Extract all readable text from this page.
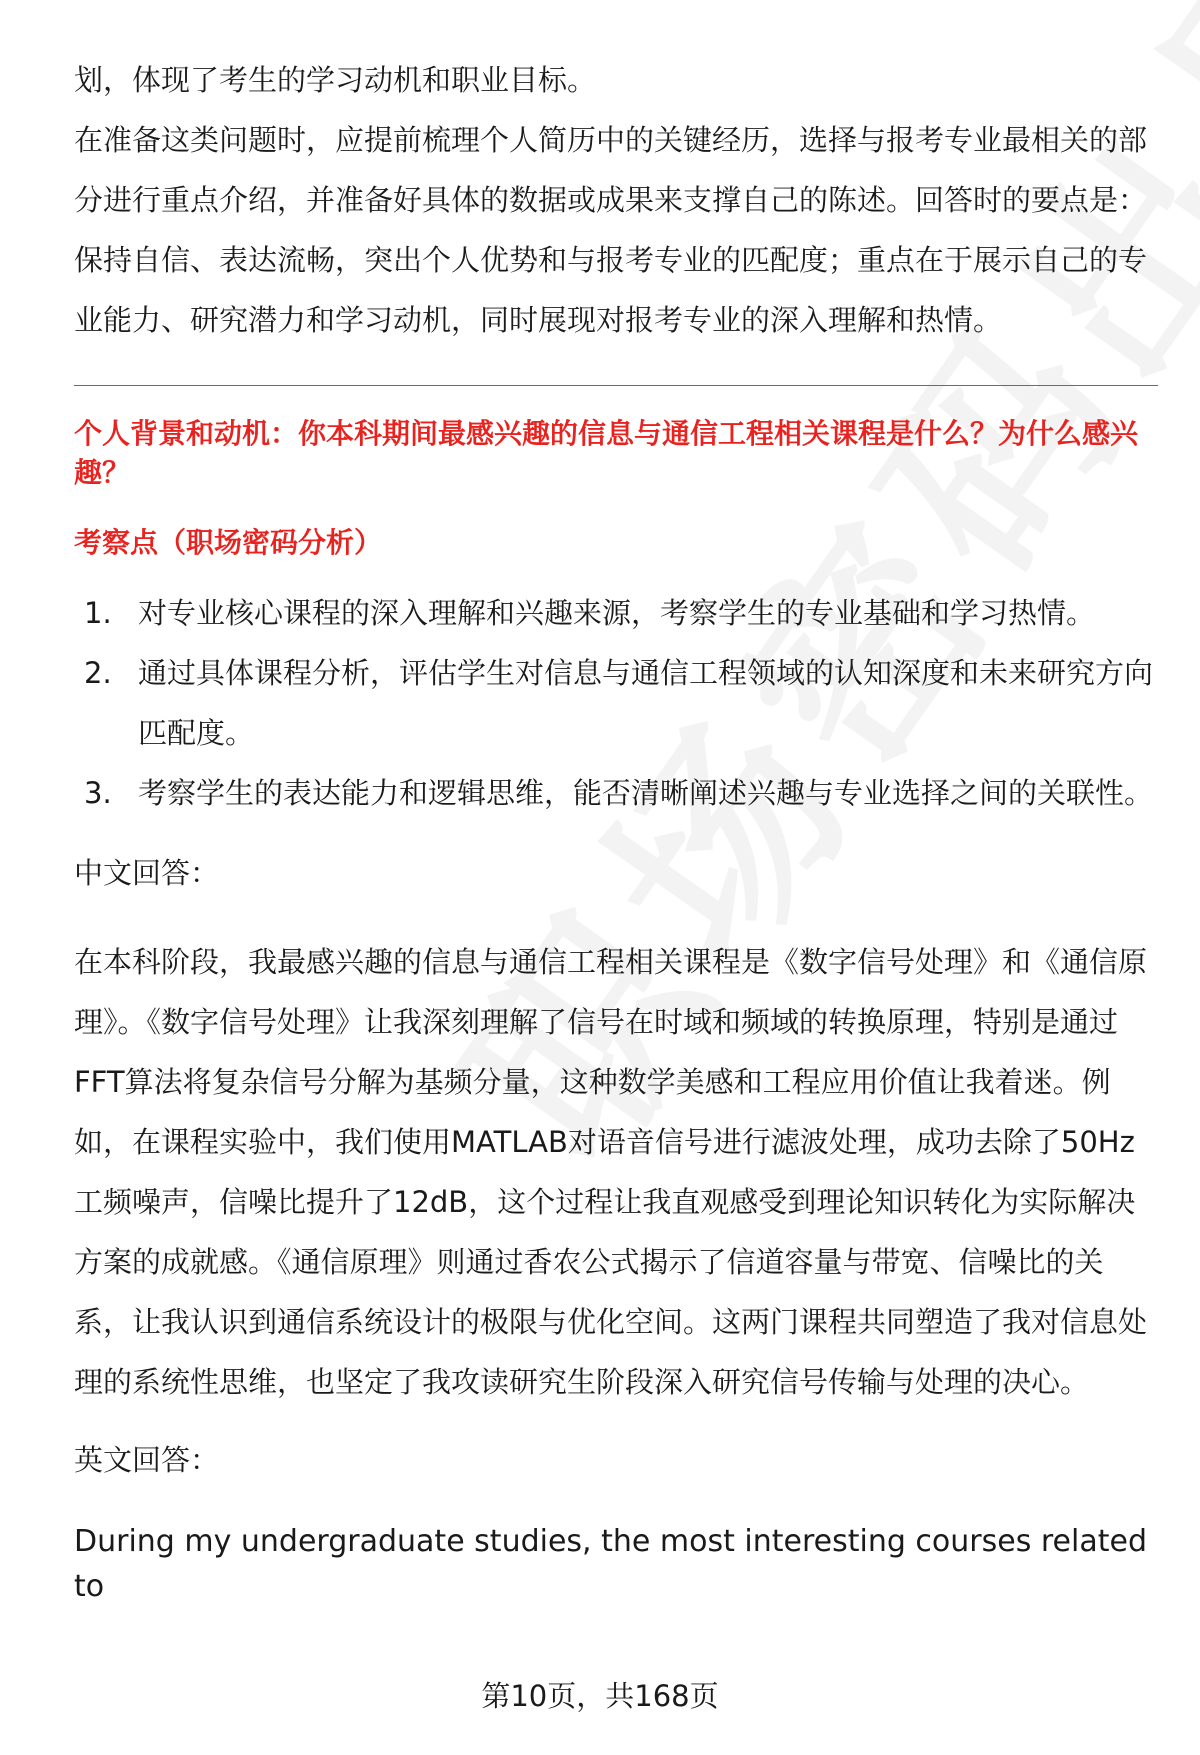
划，体现了考生的学习动机和职业目标。

在准备这类问题时，应提前梳理个人简历中的关键经历，选择与报考专业最相关的部分进行重点介绍，并准备好具体的数据或成果来支撑自己的陈述。回答时的要点是：保持自信、表达流畅，突出个人优势和与报考专业的匹配度；重点在于展示自己的专业能力、研究潜力和学习动机，同时展现对报考专业的深入理解和热情。

个人背景和动机：你本科期间最感兴趣的信息与通信工程相关课程是什么？为什么感兴趣？

考察点（职场密码分析）

1. 对专业核心课程的深入理解和兴趣来源，考察学生的专业基础和学习热情。
2. 通过具体课程分析，评估学生对信息与通信工程领域的认知深度和未来研究方向匹配度。
3. 考察学生的表达能力和逻辑思维，能否清晰阐述兴趣与专业选择之间的关联性。

中文回答：

在本科阶段，我最感兴趣的信息与通信工程相关课程是《数字信号处理》和《通信原理》。《数字信号处理》让我深刻理解了信号在时域和频域的转换原理，特别是通过FFT算法将复杂信号分解为基频分量，这种数学美感和工程应用价值让我着迷。例如，在课程实验中，我们使用MATLAB对语音信号进行滤波处理，成功去除了50Hz工频噪声，信噪比提升了12dB，这个过程让我直观感受到理论知识转化为实际解决方案的成就感。《通信原理》则通过香农公式揭示了信道容量与带宽、信噪比的关系，让我认识到通信系统设计的极限与优化空间。这两门课程共同塑造了我对信息处理的系统性思维，也坚定了我攻读研究生阶段深入研究信号传输与处理的决心。

英文回答：

During my undergraduate studies, the most interesting courses related to

第10页，共168页
